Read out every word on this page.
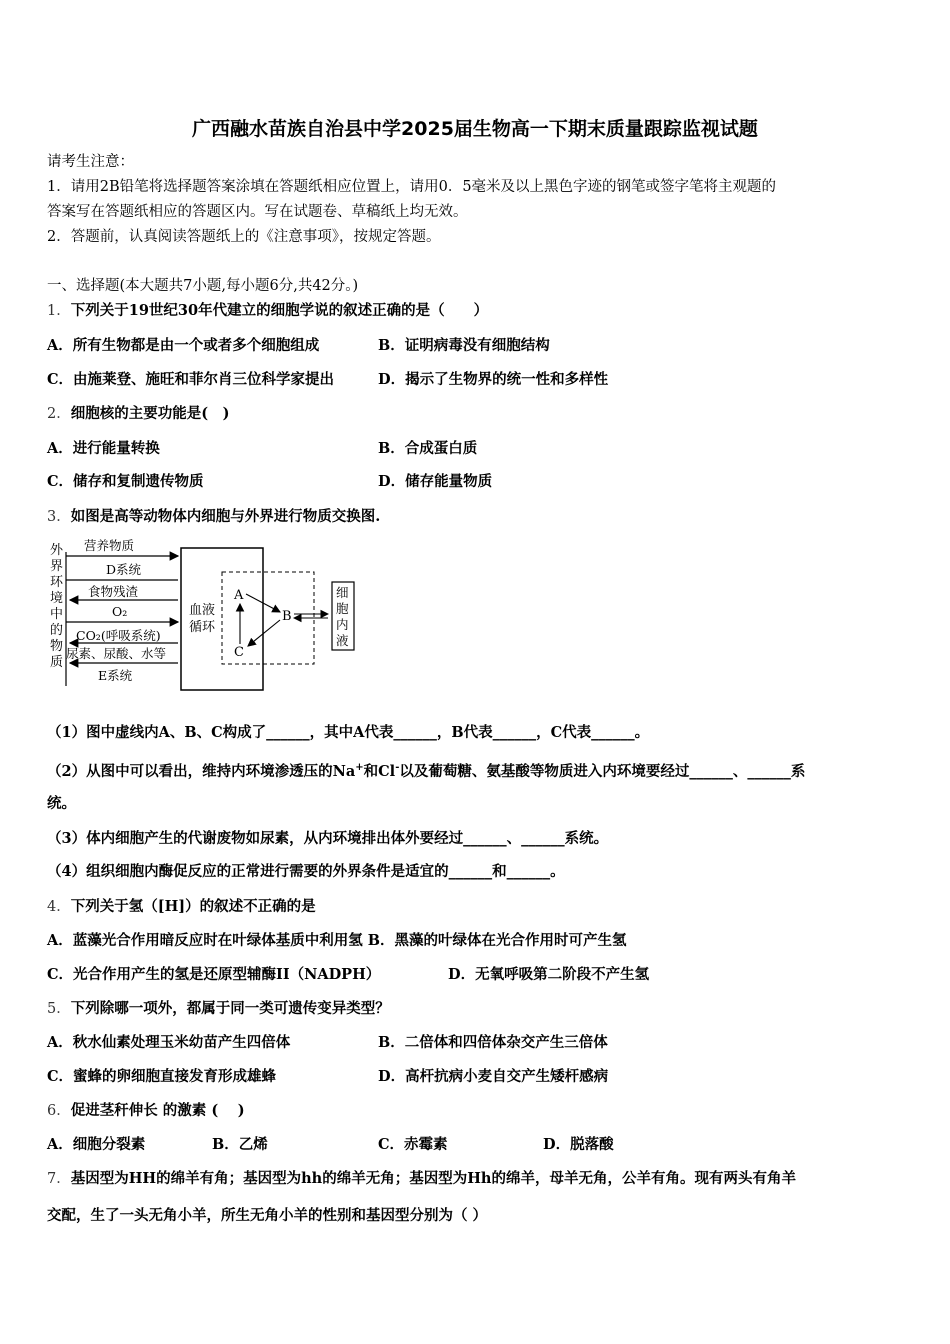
广西融水苗族自治县中学2025届生物高一下期末质量跟踪监视试题
请考生注意：
1．请用2B铅笔将选择题答案涂填在答题纸相应位置上，请用0．5毫米及以上黑色字迹的钢笔或签字笔将主观题的
答案写在答题纸相应的答题区内。写在试题卷、草稿纸上均无效。
2．答题前，认真阅读答题纸上的《注意事项》，按规定答题。
一、选择题(本大题共7小题,每小题6分,共42分。)
1．下列关于19世纪30年代建立的细胞学说的叙述正确的是（　　）
A．所有生物都是由一个或者多个细胞组成	B．证明病毒没有细胞结构
C．由施莱登、施旺和菲尔肖三位科学家提出	D．揭示了生物界的统一性和多样性
2．细胞核的主要功能是(　)
A．进行能量转换	B．合成蛋白质
C．储存和复制遗传物质	D．储存能量物质
3．如图是高等动物体内细胞与外界进行物质交换图.
外
界
环
境
中
的
物
质
血液
循环
营养物质
D系统
食物残渣
O₂
CO₂(呼吸系统)
尿素、尿酸、水等
E系统
A
B
C
细
胞
内
液
（1）图中虚线内A、B、C构成了______，其中A代表______，B代表______，C代表______。
（2）从图中可以看出，维持内环境渗透压的Na+和Cl-以及葡萄糖、氨基酸等物质进入内环境要经过______、______系
统。
（3）体内细胞产生的代谢废物如尿素，从内环境排出体外要经过______、______系统。
（4）组织细胞内酶促反应的正常进行需要的外界条件是适宜的______和______。
4．下列关于氢（[H]）的叙述不正确的是
A．蓝藻光合作用暗反应时在叶绿体基质中利用氢 B．黑藻的叶绿体在光合作用时可产生氢
C．光合作用产生的氢是还原型辅酶II（NADPH）	D．无氧呼吸第二阶段不产生氢
5．下列除哪一项外，都属于同一类可遗传变异类型？
A．秋水仙素处理玉米幼苗产生四倍体	B．二倍体和四倍体杂交产生三倍体
C．蜜蜂的卵细胞直接发育形成雄蜂	D．高杆抗病小麦自交产生矮杆感病
6．促进茎秆伸长 的激素 (　 )
A．细胞分裂素	B．乙烯	C．赤霉素	D．脱落酸
7．基因型为HH的绵羊有角；基因型为hh的绵羊无角；基因型为Hh的绵羊，母羊无角，公羊有角。现有两头有角羊
交配，生了一头无角小羊，所生无角小羊的性别和基因型分别为（ ）
